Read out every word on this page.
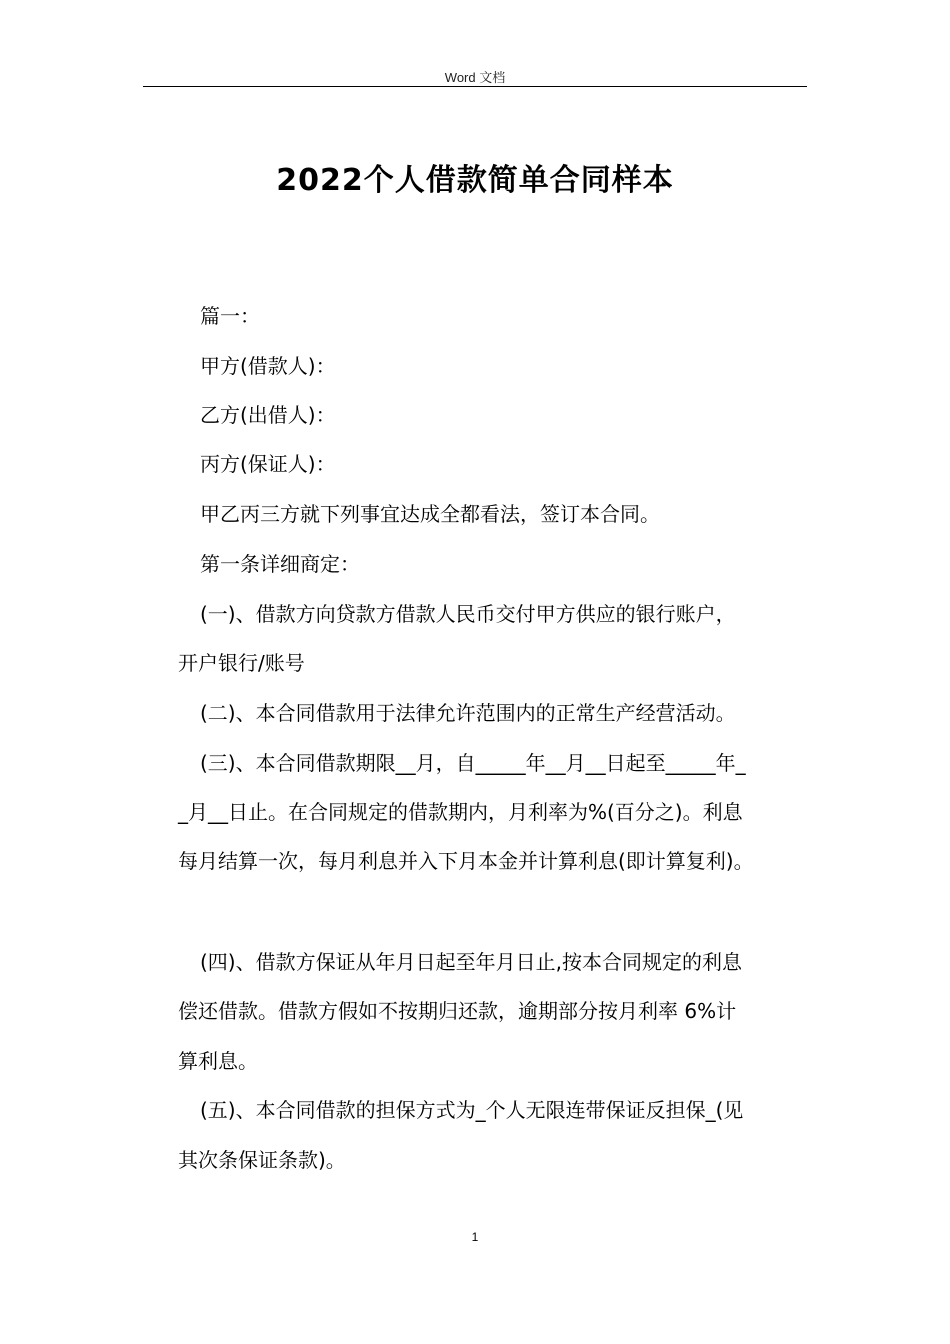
Word 文档
2022个人借款简单合同样本
篇一：
甲方(借款人)：
乙方(出借人)：
丙方(保证人)：
甲乙丙三方就下列事宜达成全都看法，签订本合同。
第一条详细商定：
(一)、借款方向贷款方借款人民币交付甲方供应的银行账户，
开户银行/账号
(二)、本合同借款用于法律允许范围内的正常生产经营活动。
(三)、本合同借款期限__月，自_____年__月__日起至_____年_
_月__日止。在合同规定的借款期内，月利率为%(百分之)。利息
每月结算一次，每月利息并入下月本金并计算利息(即计算复利)。
(四)、借款方保证从年月日起至年月日止,按本合同规定的利息
偿还借款。借款方假如不按期归还款，逾期部分按月利率 6%计
算利息。
(五)、本合同借款的担保方式为_个人无限连带保证反担保_(见
其次条保证条款)。
1
